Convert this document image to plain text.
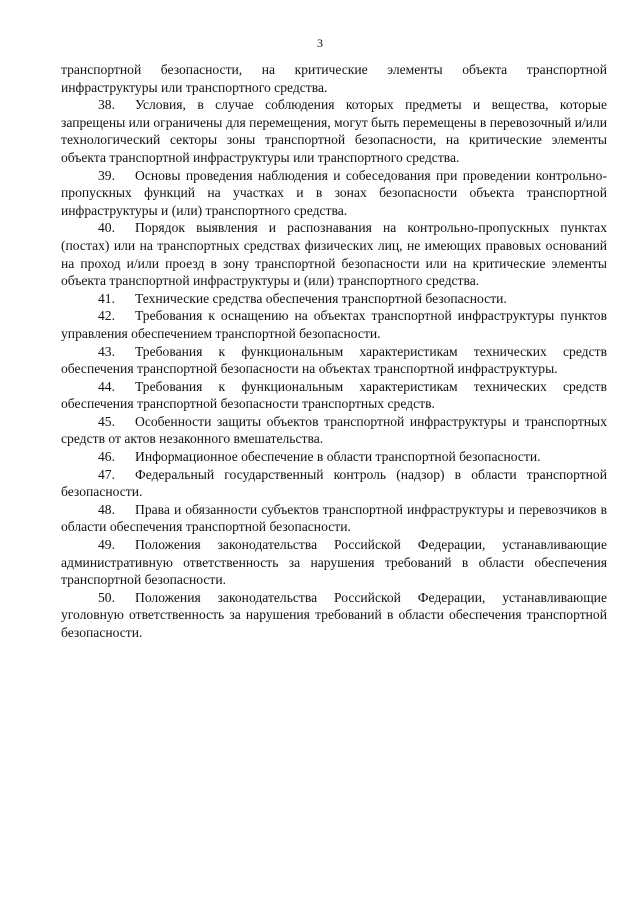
3

транспортной безопасности, на критические элементы объекта транспортной инфраструктуры или транспортного средства.

38. Условия, в случае соблюдения которых предметы и вещества, которые запрещены или ограничены для перемещения, могут быть перемещены в перевозочный и/или технологический секторы зоны транспортной безопасности, на критические элементы объекта транспортной инфраструктуры или транспортного средства.

39. Основы проведения наблюдения и собеседования при проведении контрольно-пропускных функций на участках и в зонах безопасности объекта транспортной инфраструктуры и (или) транспортного средства.

40. Порядок выявления и распознавания на контрольно-пропускных пунктах (постах) или на транспортных средствах физических лиц, не имеющих правовых оснований на проход и/или проезд в зону транспортной безопасности или на критические элементы объекта транспортной инфраструктуры и (или) транспортного средства.

41. Технические средства обеспечения транспортной безопасности.

42. Требования к оснащению на объектах транспортной инфраструктуры пунктов управления обеспечением транспортной безопасности.

43. Требования к функциональным характеристикам технических средств обеспечения транспортной безопасности на объектах транспортной инфраструктуры.

44. Требования к функциональным характеристикам технических средств обеспечения транспортной безопасности транспортных средств.

45. Особенности защиты объектов транспортной инфраструктуры и транспортных средств от актов незаконного вмешательства.

46. Информационное обеспечение в области транспортной безопасности.

47. Федеральный государственный контроль (надзор) в области транспортной безопасности.

48. Права и обязанности субъектов транспортной инфраструктуры и перевозчиков в области обеспечения транспортной безопасности.

49. Положения законодательства Российской Федерации, устанавливающие административную ответственность за нарушения требований в области обеспечения транспортной безопасности.

50. Положения законодательства Российской Федерации, устанавливающие уголовную ответственность за нарушения требований в области обеспечения транспортной безопасности.
